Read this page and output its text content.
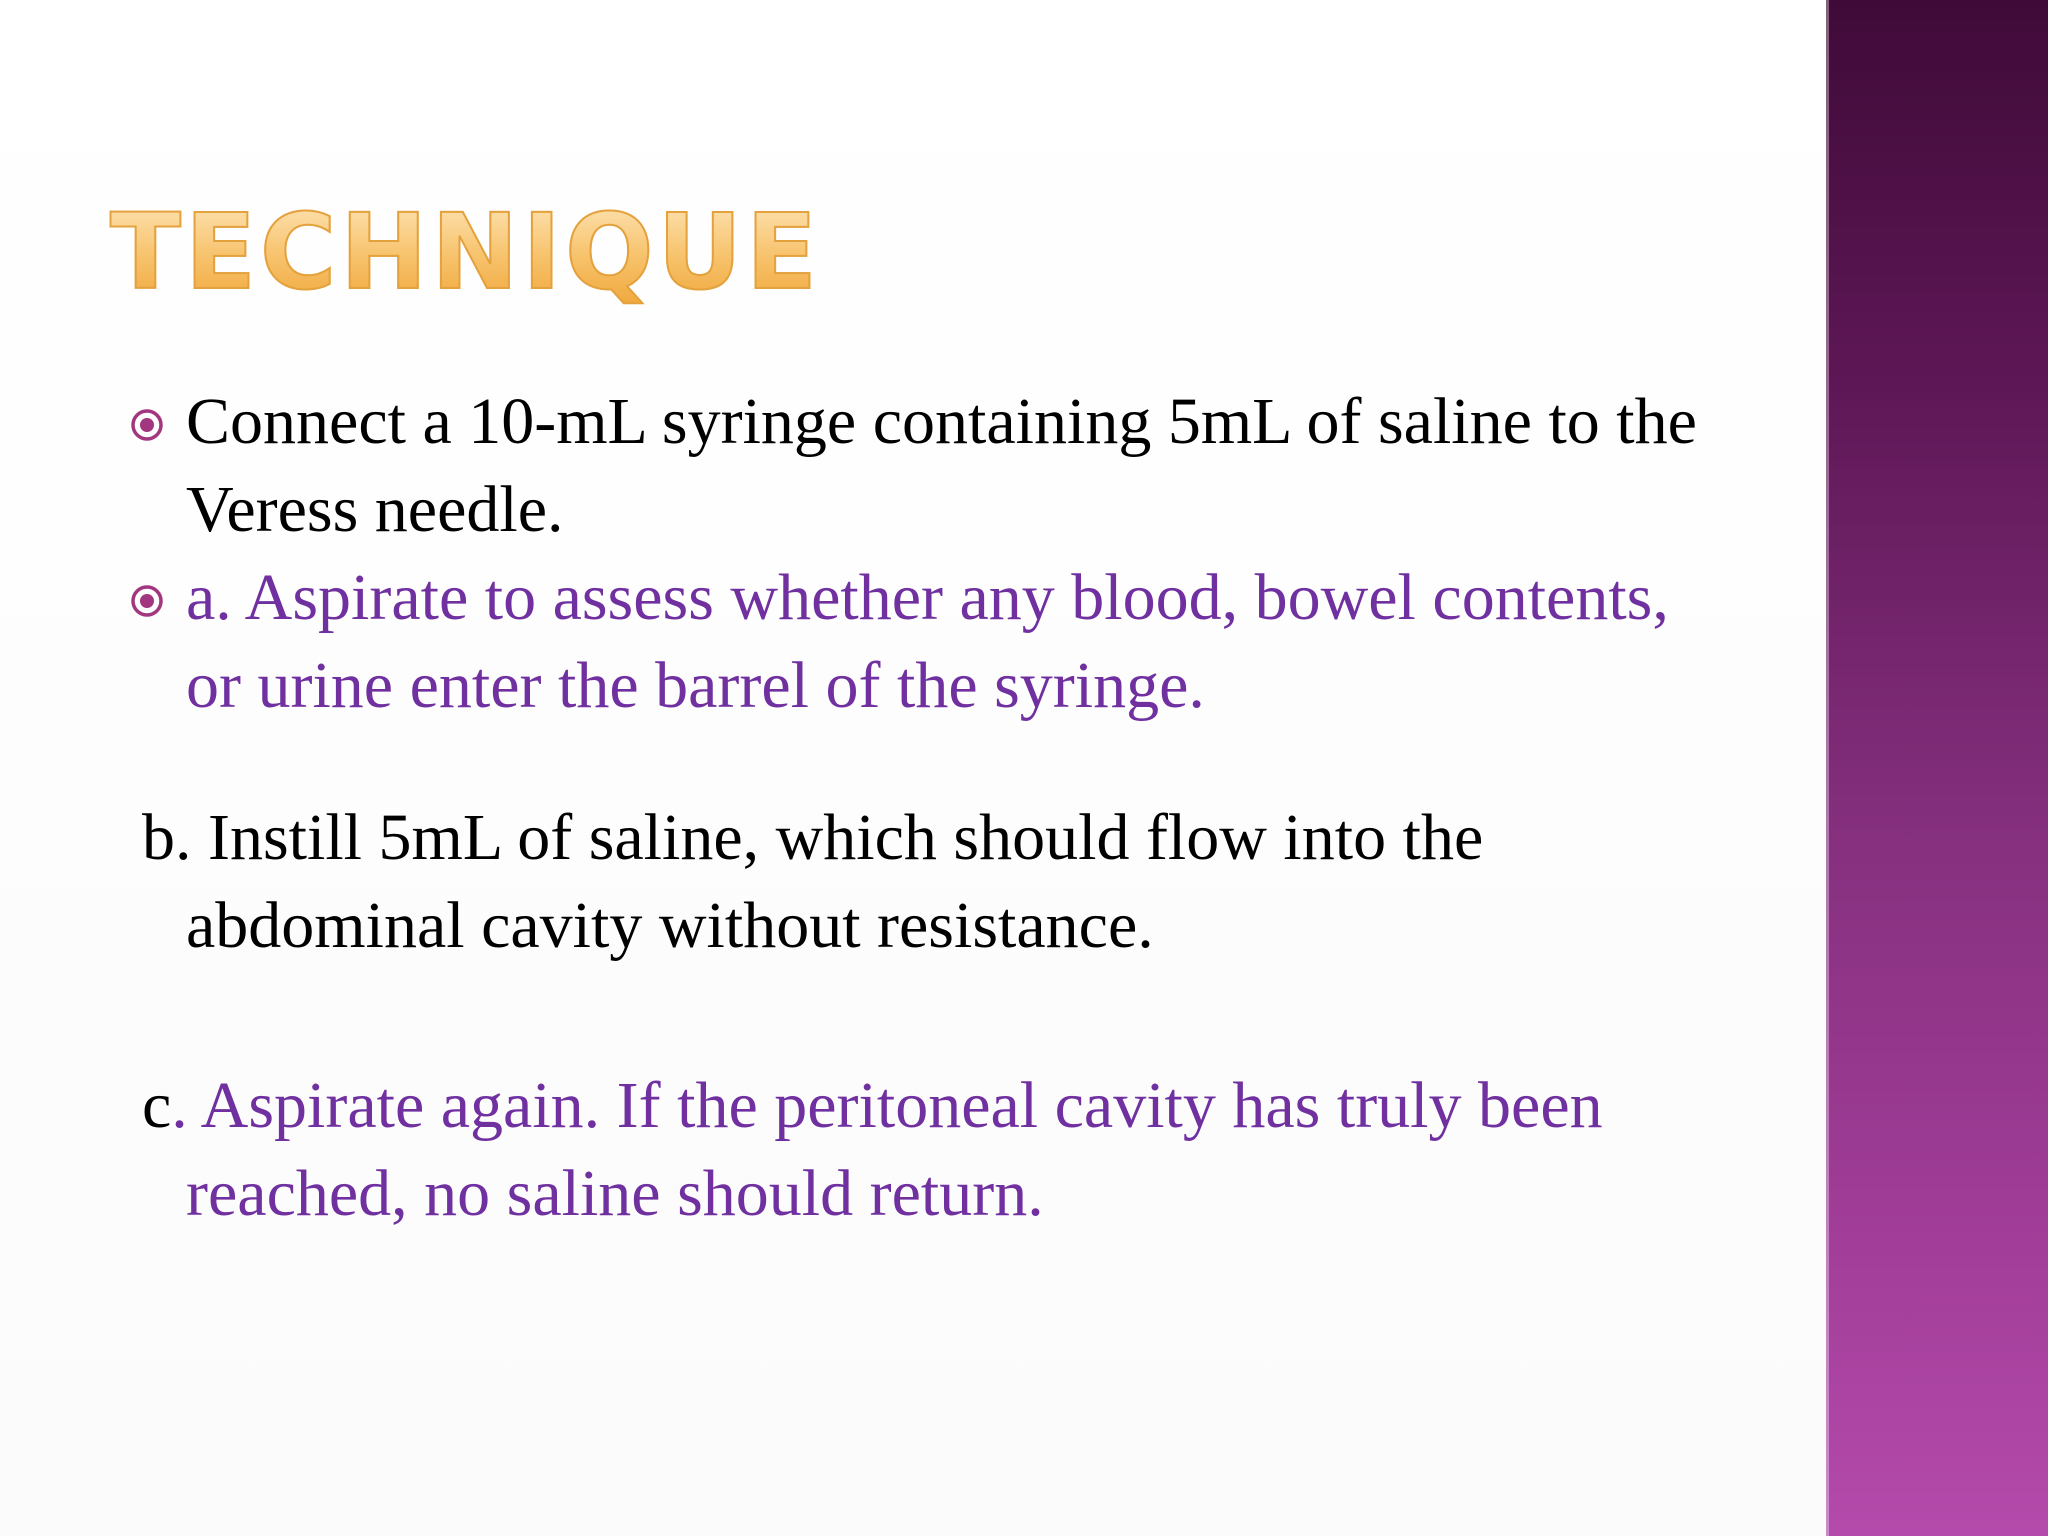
TECHNIQUE
Connect a 10-mL syringe containing 5mL of saline to the Veress needle.
a. Aspirate to assess whether any blood, bowel contents, or urine enter the barrel of the syringe.
b. Instill 5mL of saline, which should flow into the abdominal cavity without resistance.
c. Aspirate again. If the peritoneal cavity has truly been reached, no saline should return.
